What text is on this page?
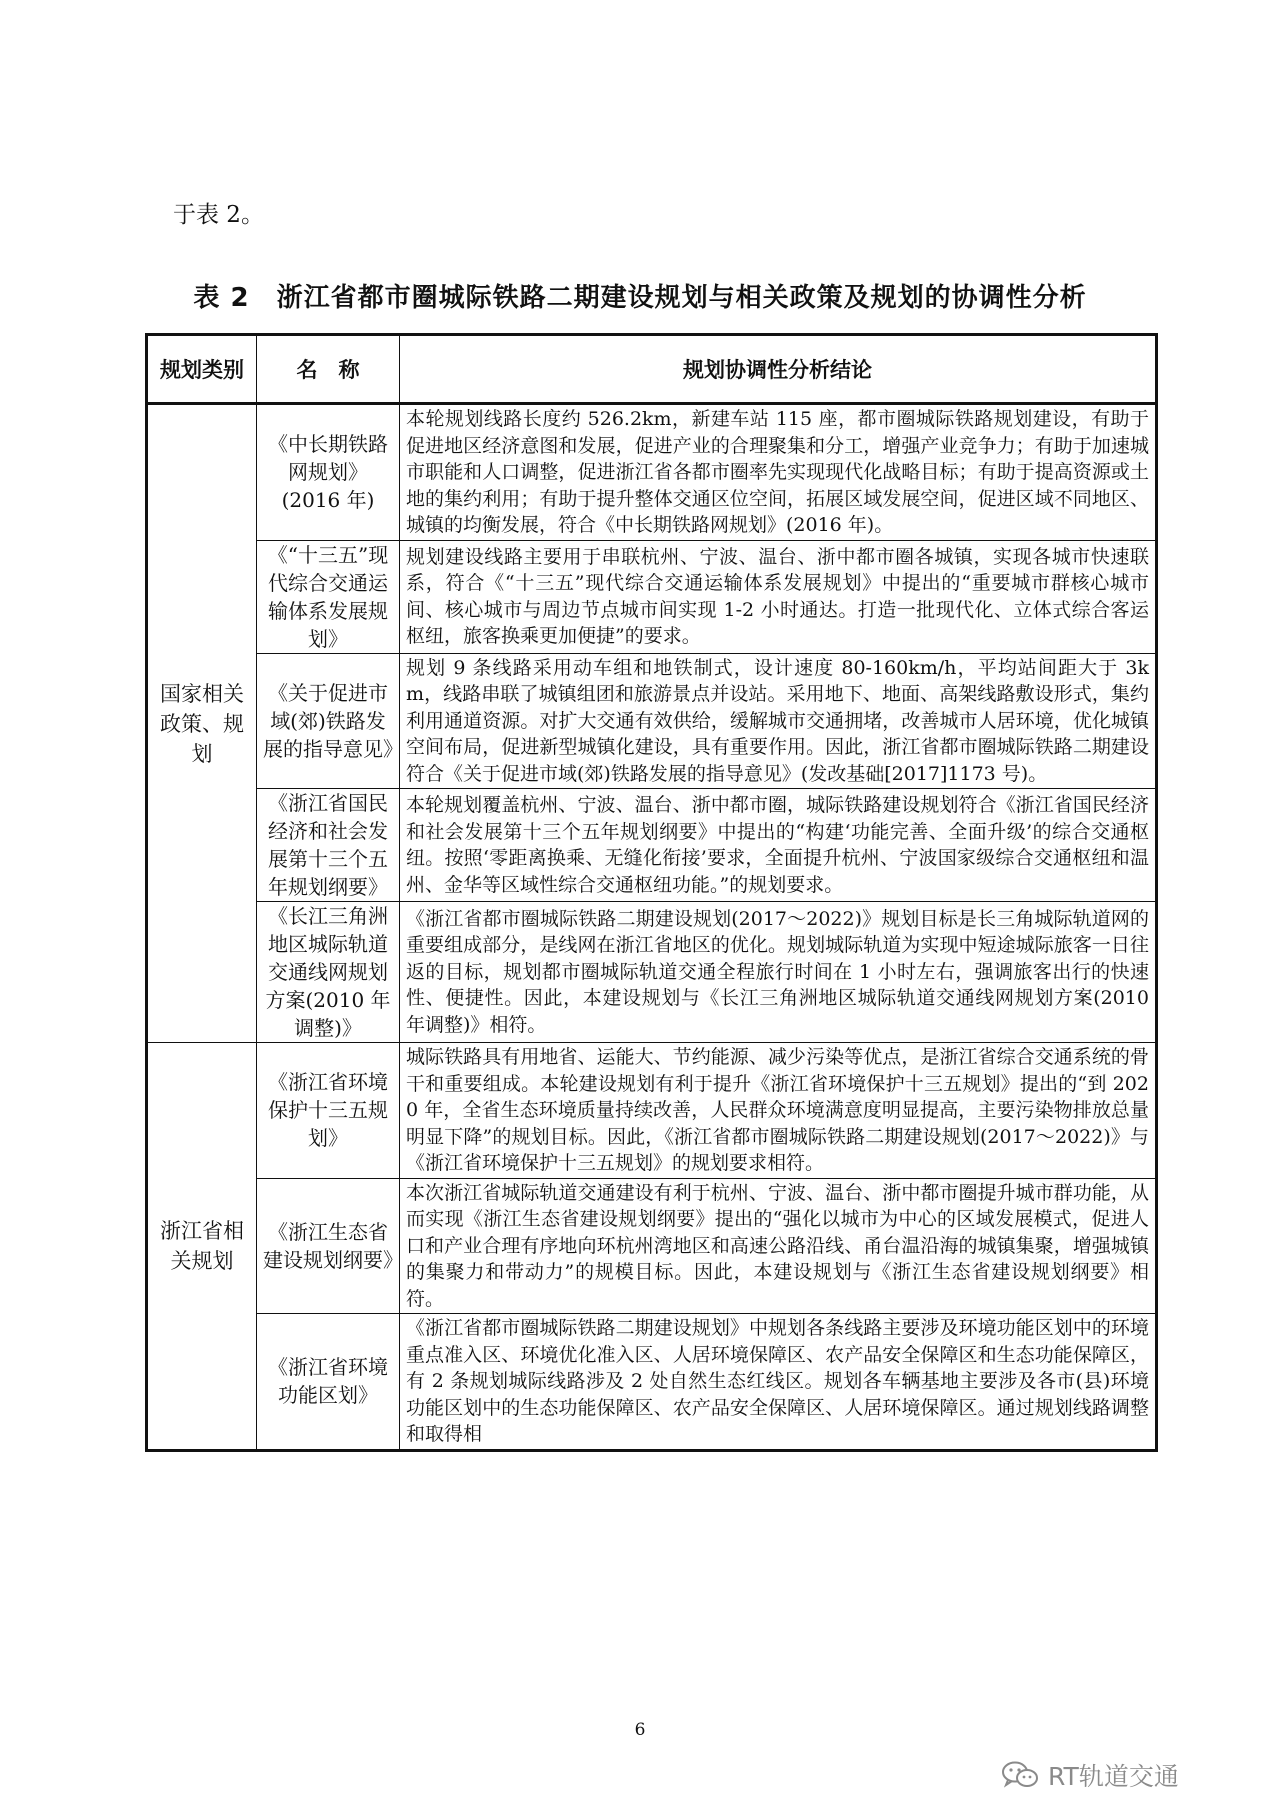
于表 2。
表 2　浙江省都市圈城际铁路二期建设规划与相关政策及规划的协调性分析
规划类别	名　称	规划协调性分析结论
国家相关政策、规划	《中长期铁路网规划》(2016 年)	本轮规划线路长度约 526.2km，新建车站 115 座，都市圈城际铁路规划建设，有助于促进地区经济意图和发展，促进产业的合理聚集和分工，增强产业竞争力；有助于加速城市职能和人口调整，促进浙江省各都市圈率先实现现代化战略目标；有助于提高资源或土地的集约利用；有助于提升整体交通区位空间，拓展区域发展空间，促进区域不同地区、城镇的均衡发展，符合《中长期铁路网规划》(2016 年)。
	《“十三五”现代综合交通运输体系发展规划》	规划建设线路主要用于串联杭州、宁波、温台、浙中都市圈各城镇，实现各城市快速联系，符合《“十三五”现代综合交通运输体系发展规划》中提出的“重要城市群核心城市间、核心城市与周边节点城市间实现 1-2 小时通达。打造一批现代化、立体式综合客运枢纽，旅客换乘更加便捷”的要求。
	《关于促进市域(郊)铁路发展的指导意见》	规划 9 条线路采用动车组和地铁制式，设计速度 80-160km/h，平均站间距大于 3km，线路串联了城镇组团和旅游景点并设站。采用地下、地面、高架线路敷设形式，集约利用通道资源。对扩大交通有效供给，缓解城市交通拥堵，改善城市人居环境，优化城镇空间布局，促进新型城镇化建设，具有重要作用。因此，浙江省都市圈城际铁路二期建设符合《关于促进市域(郊)铁路发展的指导意见》(发改基础[2017]1173 号)。
	《浙江省国民经济和社会发展第十三个五年规划纲要》	本轮规划覆盖杭州、宁波、温台、浙中都市圈，城际铁路建设规划符合《浙江省国民经济和社会发展第十三个五年规划纲要》中提出的“构建‘功能完善、全面升级’的综合交通枢纽。按照‘零距离换乘、无缝化衔接’要求，全面提升杭州、宁波国家级综合交通枢纽和温州、金华等区域性综合交通枢纽功能。”的规划要求。
	《长江三角洲地区城际轨道交通线网规划方案(2010 年调整)》	《浙江省都市圈城际铁路二期建设规划(2017～2022)》规划目标是长三角城际轨道网的重要组成部分，是线网在浙江省地区的优化。规划城际轨道为实现中短途城际旅客一日往返的目标，规划都市圈城际轨道交通全程旅行时间在 1 小时左右，强调旅客出行的快速性、便捷性。因此，本建设规划与《长江三角洲地区城际轨道交通线网规划方案(2010 年调整)》相符。
浙江省相关规划	《浙江省环境保护十三五规划》	城际铁路具有用地省、运能大、节约能源、减少污染等优点，是浙江省综合交通系统的骨干和重要组成。本轮建设规划有利于提升《浙江省环境保护十三五规划》提出的“到 2020 年，全省生态环境质量持续改善，人民群众环境满意度明显提高，主要污染物排放总量明显下降”的规划目标。因此，《浙江省都市圈城际铁路二期建设规划(2017～2022)》与《浙江省环境保护十三五规划》的规划要求相符。
	《浙江生态省建设规划纲要》	本次浙江省城际轨道交通建设有利于杭州、宁波、温台、浙中都市圈提升城市群功能，从而实现《浙江生态省建设规划纲要》提出的“强化以城市为中心的区域发展模式，促进人口和产业合理有序地向环杭州湾地区和高速公路沿线、甬台温沿海的城镇集聚，增强城镇的集聚力和带动力”的规模目标。因此，本建设规划与《浙江生态省建设规划纲要》相符。
	《浙江省环境功能区划》	《浙江省都市圈城际铁路二期建设规划》中规划各条线路主要涉及环境功能区划中的环境重点准入区、环境优化准入区、人居环境保障区、农产品安全保障区和生态功能保障区，有 2 条规划城际线路涉及 2 处自然生态红线区。规划各车辆基地主要涉及各市(县)环境功能区划中的生态功能保障区、农产品安全保障区、人居环境保障区。通过规划线路调整和取得相
6
RT轨道交通
